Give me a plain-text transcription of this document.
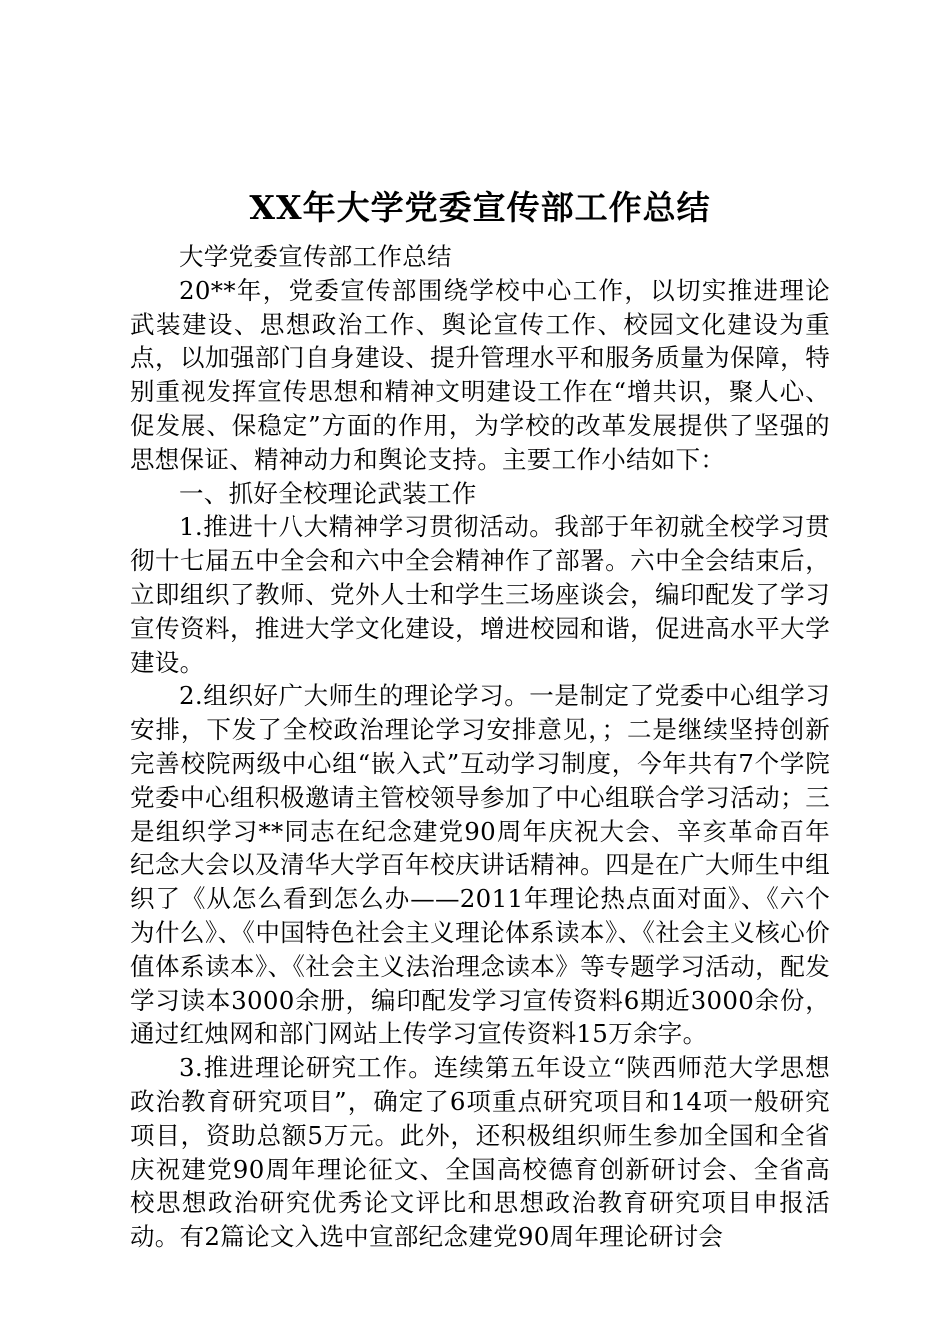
XX年大学党委宣传部工作总结

大学党委宣传部工作总结

20**年，党委宣传部围绕学校中心工作，以切实推进理论武装建设、思想政治工作、舆论宣传工作、校园文化建设为重点，以加强部门自身建设、提升管理水平和服务质量为保障，特别重视发挥宣传思想和精神文明建设工作在“增共识，聚人心、促发展、保稳定”方面的作用，为学校的改革发展提供了坚强的思想保证、精神动力和舆论支持。主要工作小结如下：

一、抓好全校理论武装工作

1.推进十八大精神学习贯彻活动。我部于年初就全校学习贯彻十七届五中全会和六中全会精神作了部署。六中全会结束后，立即组织了教师、党外人士和学生三场座谈会，编印配发了学习宣传资料，推进大学文化建设，增进校园和谐，促进高水平大学建设。

2.组织好广大师生的理论学习。一是制定了党委中心组学习安排，下发了全校政治理论学习安排意见，；二是继续坚持创新完善校院两级中心组“嵌入式”互动学习制度，今年共有7个学院党委中心组积极邀请主管校领导参加了中心组联合学习活动；三是组织学习**同志在纪念建党90周年庆祝大会、辛亥革命百年纪念大会以及清华大学百年校庆讲话精神。四是在广大师生中组织了《从怎么看到怎么办——2011年理论热点面对面》、《六个为什么》、《中国特色社会主义理论体系读本》、《社会主义核心价值体系读本》、《社会主义法治理念读本》等专题学习活动，配发学习读本3000余册，编印配发学习宣传资料6期近3000余份，通过红烛网和部门网站上传学习宣传资料15万余字。

3.推进理论研究工作。连续第五年设立“陕西师范大学思想政治教育研究项目”，确定了6项重点研究项目和14项一般研究项目，资助总额5万元。此外，还积极组织师生参加全国和全省庆祝建党90周年理论征文、全国高校德育创新研讨会、全省高校思想政治研究优秀论文评比和思想政治教育研究项目申报活动。有2篇论文入选中宣部纪念建党90周年理论研讨会
